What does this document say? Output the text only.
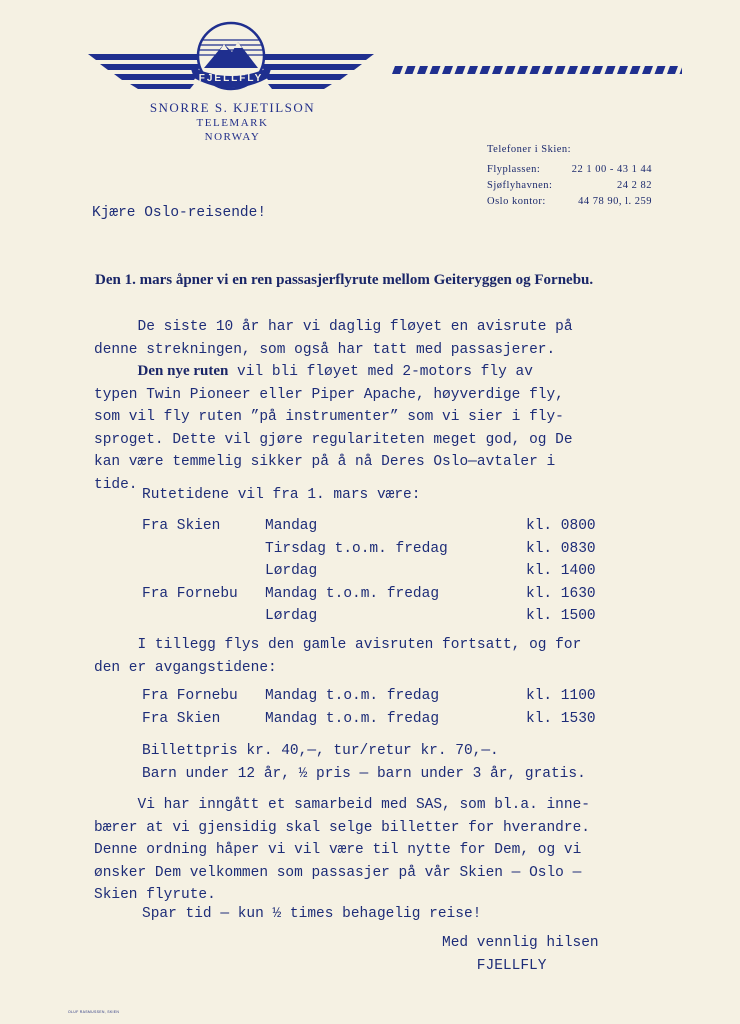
FJELLFLY
SNORRE S. KJETILSON
TELEMARK
NORWAY
Telefoner i Skien:
Flyplassen:	22 1 00 - 43 1 44
Sjøflyhavnen:	24 2 82
Oslo kontor:	44 78 90, l. 259
Kjære Oslo-reisende!
Den 1. mars åpner vi en ren passasjerflyrute mellom Geiteryggen og Fornebu.
De siste 10 år har vi daglig fløyet en avisrute på
denne strekningen, som også har tatt med passasjerer.
Den nye ruten vil bli fløyet med 2-motors fly av
typen Twin Pioneer eller Piper Apache, høyverdige fly,
som vil fly ruten ”på instrumenter” som vi sier i fly-
sproget. Dette vil gjøre regulariteten meget god, og De
kan være temmelig sikker på å nå Deres Oslo—avtaler i
tide.
Rutetidene vil fra 1. mars være:
Fra Skien	Mandag	kl. 0800
Tirsdag t.o.m. fredag	kl. 0830
Lørdag	kl. 1400
Fra Fornebu Mandag t.o.m. fredag	kl. 1630
Lørdag	kl. 1500
I tillegg flys den gamle avisruten fortsatt, og for
den er avgangstidene:
Fra Fornebu Mandag t.o.m. fredag	kl. 1100
Fra Skien	Mandag t.o.m. fredag	kl. 1530
Billettpris kr. 40,—, tur/retur kr. 70,—.
Barn under 12 år, ½ pris — barn under 3 år, gratis.
Vi har inngått et samarbeid med SAS, som bl.a. inne-
bærer at vi gjensidig skal selge billetter for hverandre.
Denne ordning håper vi vil være til nytte for Dem, og vi
ønsker Dem velkommen som passasjer på vår Skien — Oslo —
Skien flyrute.
Spar tid — kun ½ times behagelig reise!
Med vennlig hilsen
FJELLFLY
OLUF RASMUSSEN, SKIEN
